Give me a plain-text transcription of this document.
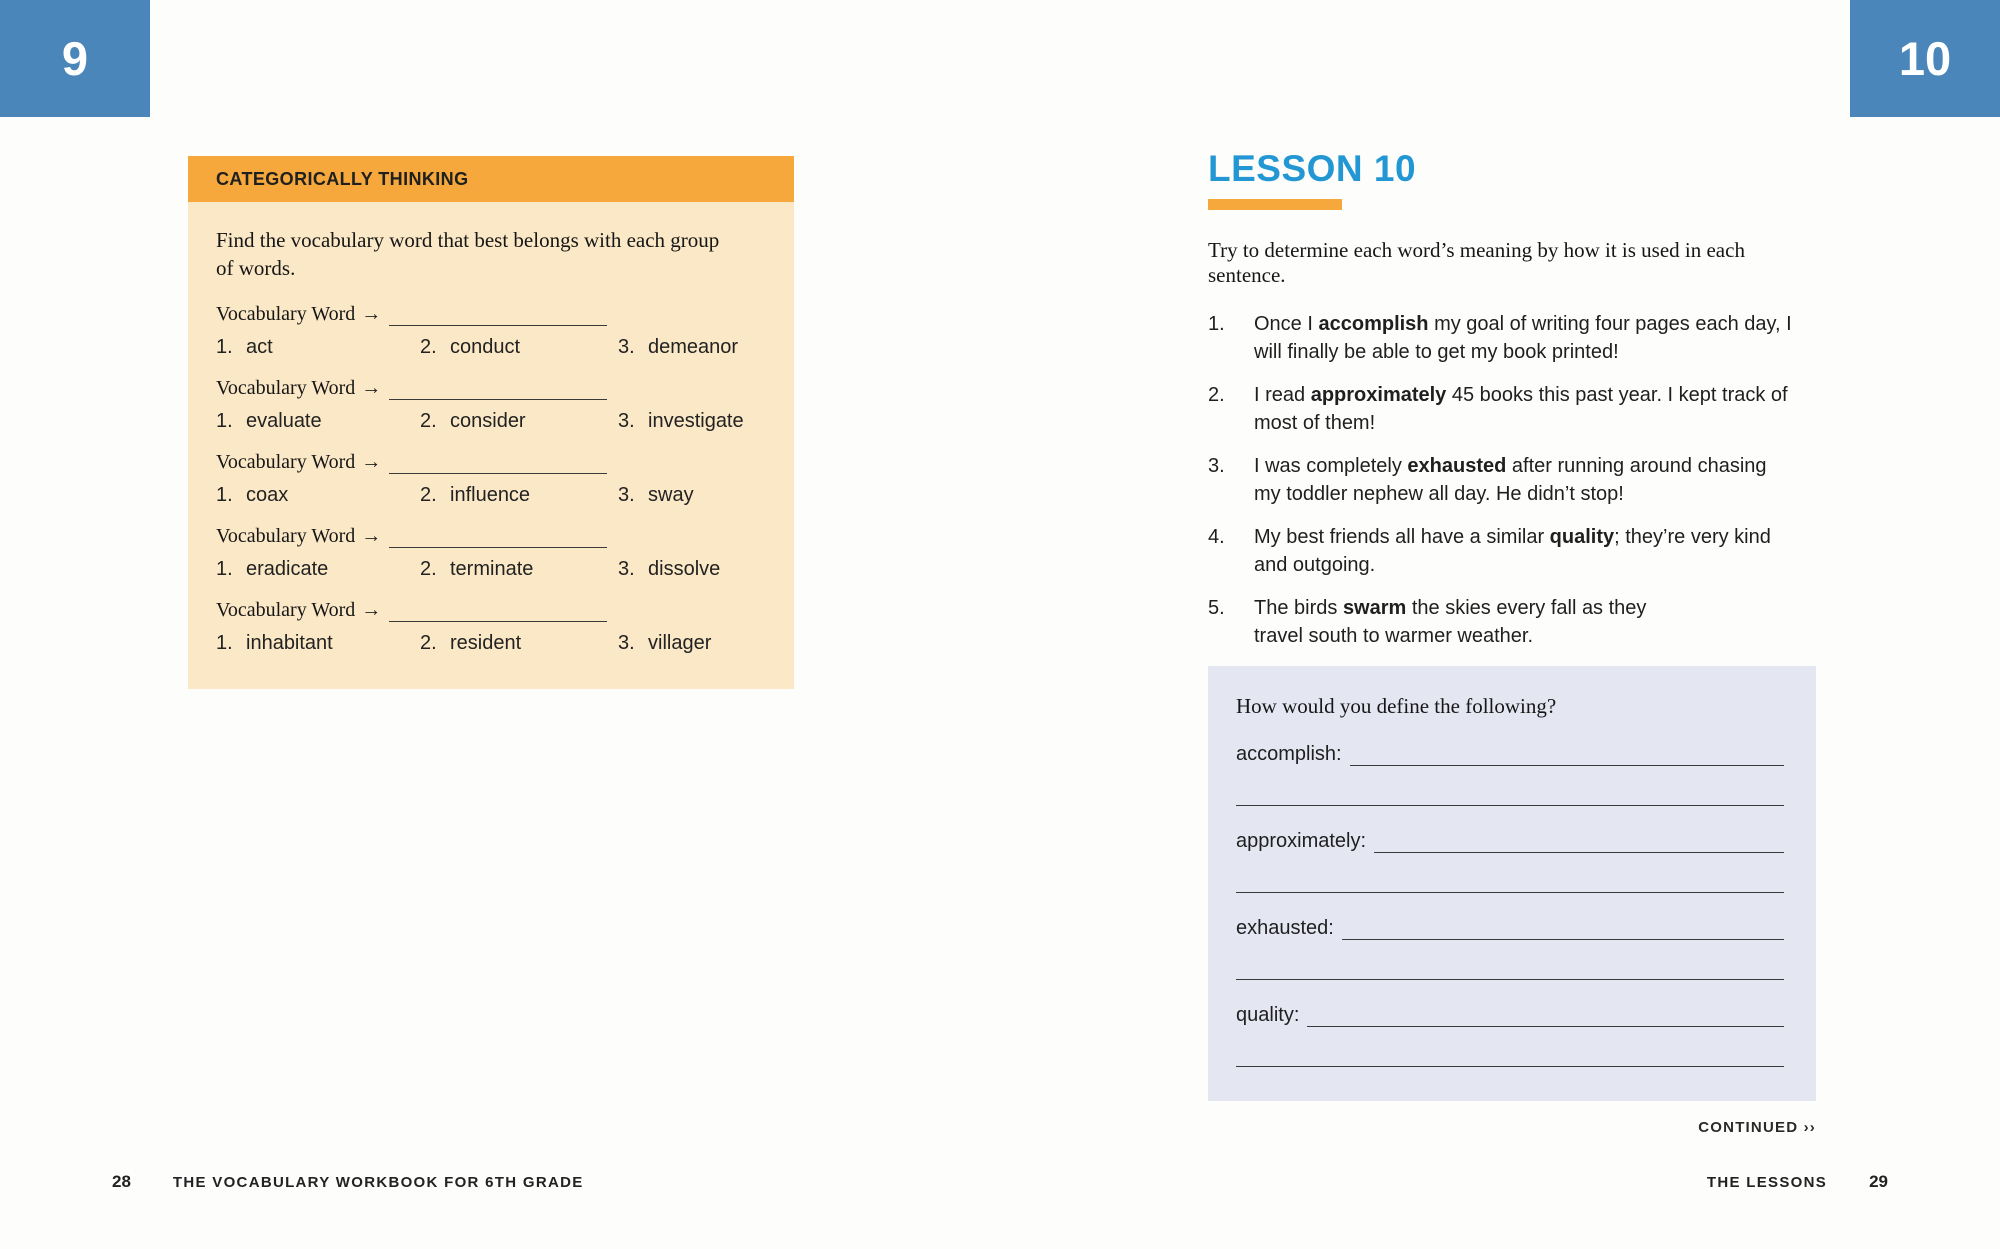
9	10
CATEGORICALLY THINKING
Find the vocabulary word that best belongs with each group of words.
Vocabulary Word →
1. act	2. conduct	3. demeanor
Vocabulary Word →
1. evaluate	2. consider	3. investigate
Vocabulary Word →
1. coax	2. influence	3. sway
Vocabulary Word →
1. eradicate	2. terminate	3. dissolve
Vocabulary Word →
1. inhabitant	2. resident	3. villager
LESSON 10
Try to determine each word’s meaning by how it is used in each sentence.
1.	Once I accomplish my goal of writing four pages each day, I will finally be able to get my book printed!
2.	I read approximately 45 books this past year. I kept track of most of them!
3.	I was completely exhausted after running around chasing my toddler nephew all day. He didn’t stop!
4.	My best friends all have a similar quality; they’re very kind and outgoing.
5.	The birds swarm the skies every fall as they travel south to warmer weather.
How would you define the following?
accomplish:
approximately:
exhausted:
quality:
CONTINUED ››
28	THE VOCABULARY WORKBOOK FOR 6TH GRADE	THE LESSONS 29
